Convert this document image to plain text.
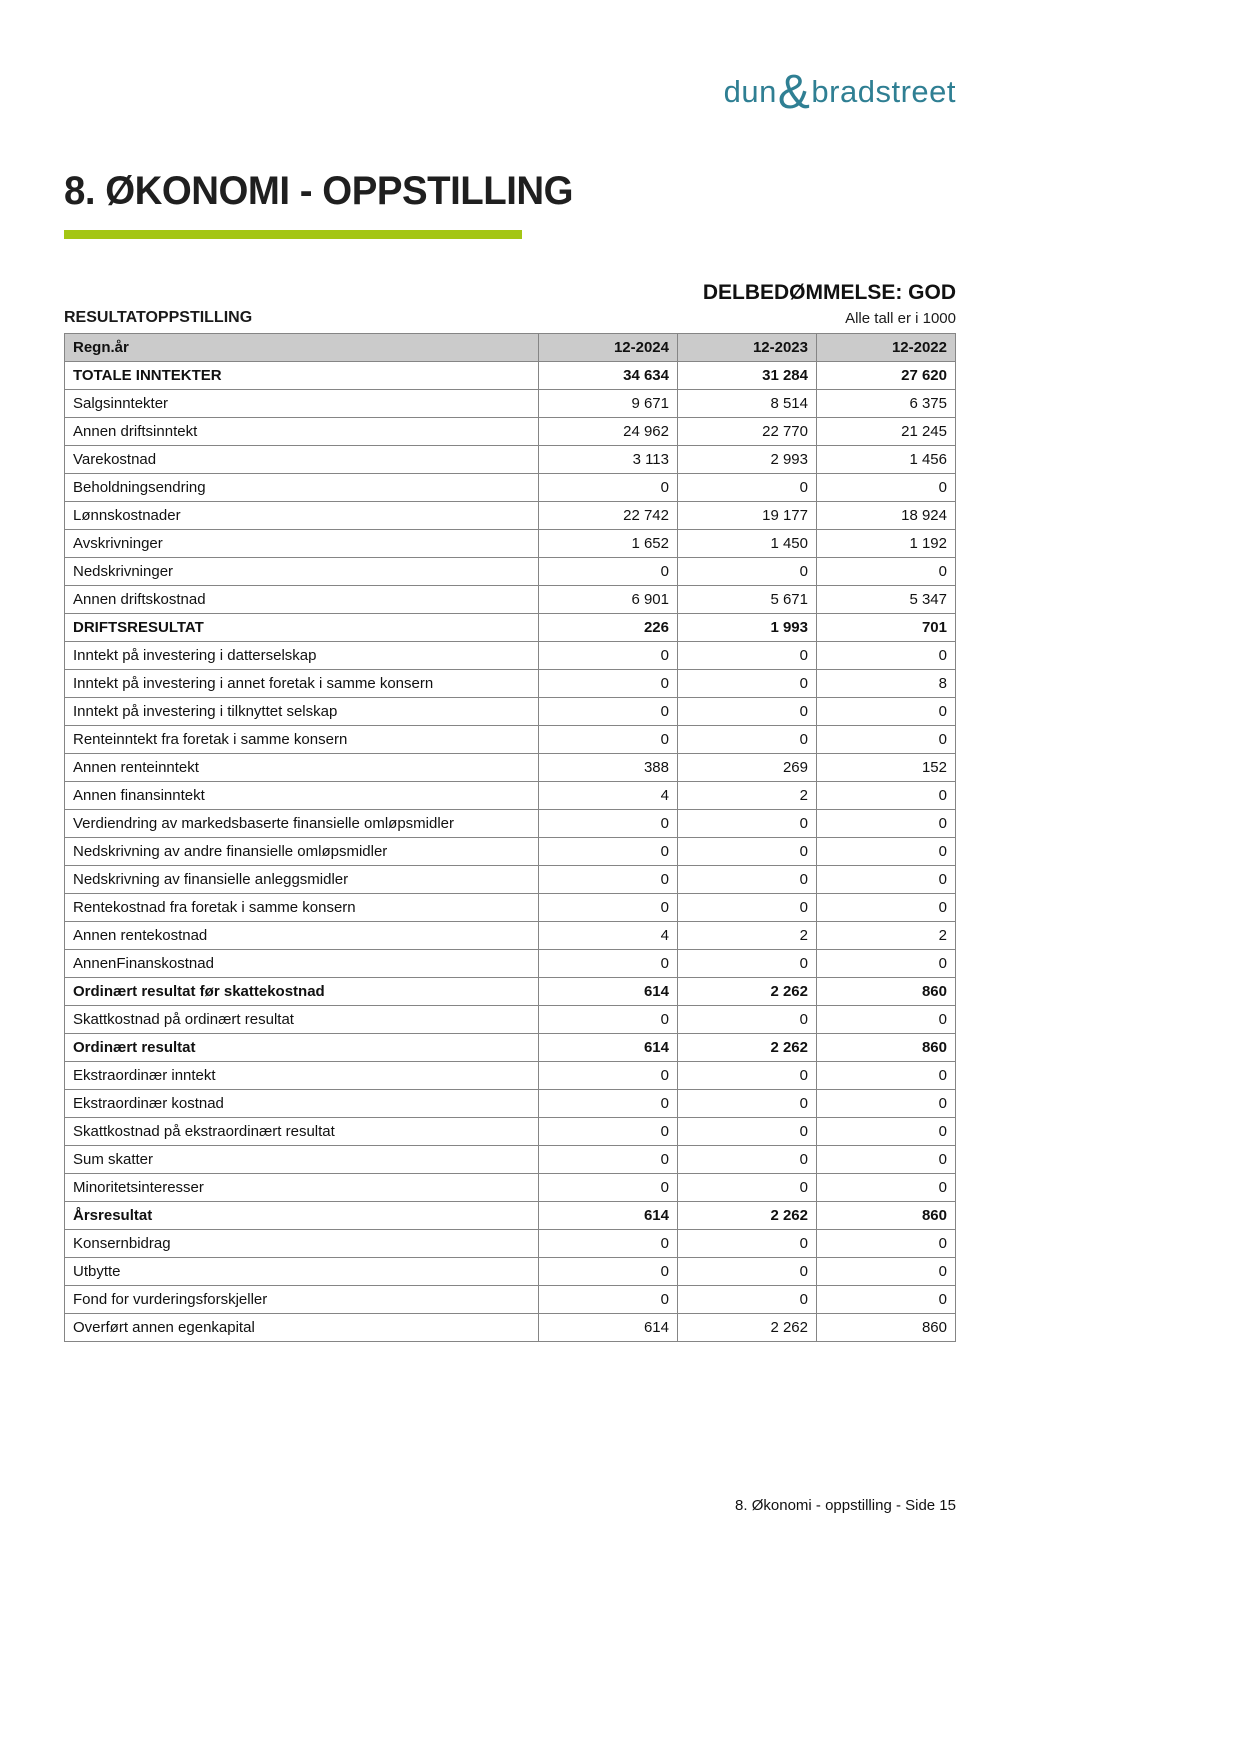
dun&bradstreet
8. ØKONOMI - OPPSTILLING
DELBEDØMMELSE: GOD
RESULTATOPPSTILLING	Alle tall er i 1000
Regn.år	12-2024	12-2023	12-2022
TOTALE INNTEKTER	34 634	31 284	27 620
Salgsinntekter	9 671	8 514	6 375
Annen driftsinntekt	24 962	22 770	21 245
Varekostnad	3 113	2 993	1 456
Beholdningsendring	0	0	0
Lønnskostnader	22 742	19 177	18 924
Avskrivninger	1 652	1 450	1 192
Nedskrivninger	0	0	0
Annen driftskostnad	6 901	5 671	5 347
DRIFTSRESULTAT	226	1 993	701
Inntekt på investering i datterselskap	0	0	0
Inntekt på investering i annet foretak i samme konsern	0	0	8
Inntekt på investering i tilknyttet selskap	0	0	0
Renteinntekt fra foretak i samme konsern	0	0	0
Annen renteinntekt	388	269	152
Annen finansinntekt	4	2	0
Verdiendring av markedsbaserte finansielle omløpsmidler	0	0	0
Nedskrivning av andre finansielle omløpsmidler	0	0	0
Nedskrivning av finansielle anleggsmidler	0	0	0
Rentekostnad fra foretak i samme konsern	0	0	0
Annen rentekostnad	4	2	2
AnnenFinanskostnad	0	0	0
Ordinært resultat før skattekostnad	614	2 262	860
Skattkostnad på ordinært resultat	0	0	0
Ordinært resultat	614	2 262	860
Ekstraordinær inntekt	0	0	0
Ekstraordinær kostnad	0	0	0
Skattkostnad på ekstraordinært resultat	0	0	0
Sum skatter	0	0	0
Minoritetsinteresser	0	0	0
Årsresultat	614	2 262	860
Konsernbidrag	0	0	0
Utbytte	0	0	0
Fond for vurderingsforskjeller	0	0	0
Overført annen egenkapital	614	2 262	860
8. Økonomi - oppstilling - Side 15
